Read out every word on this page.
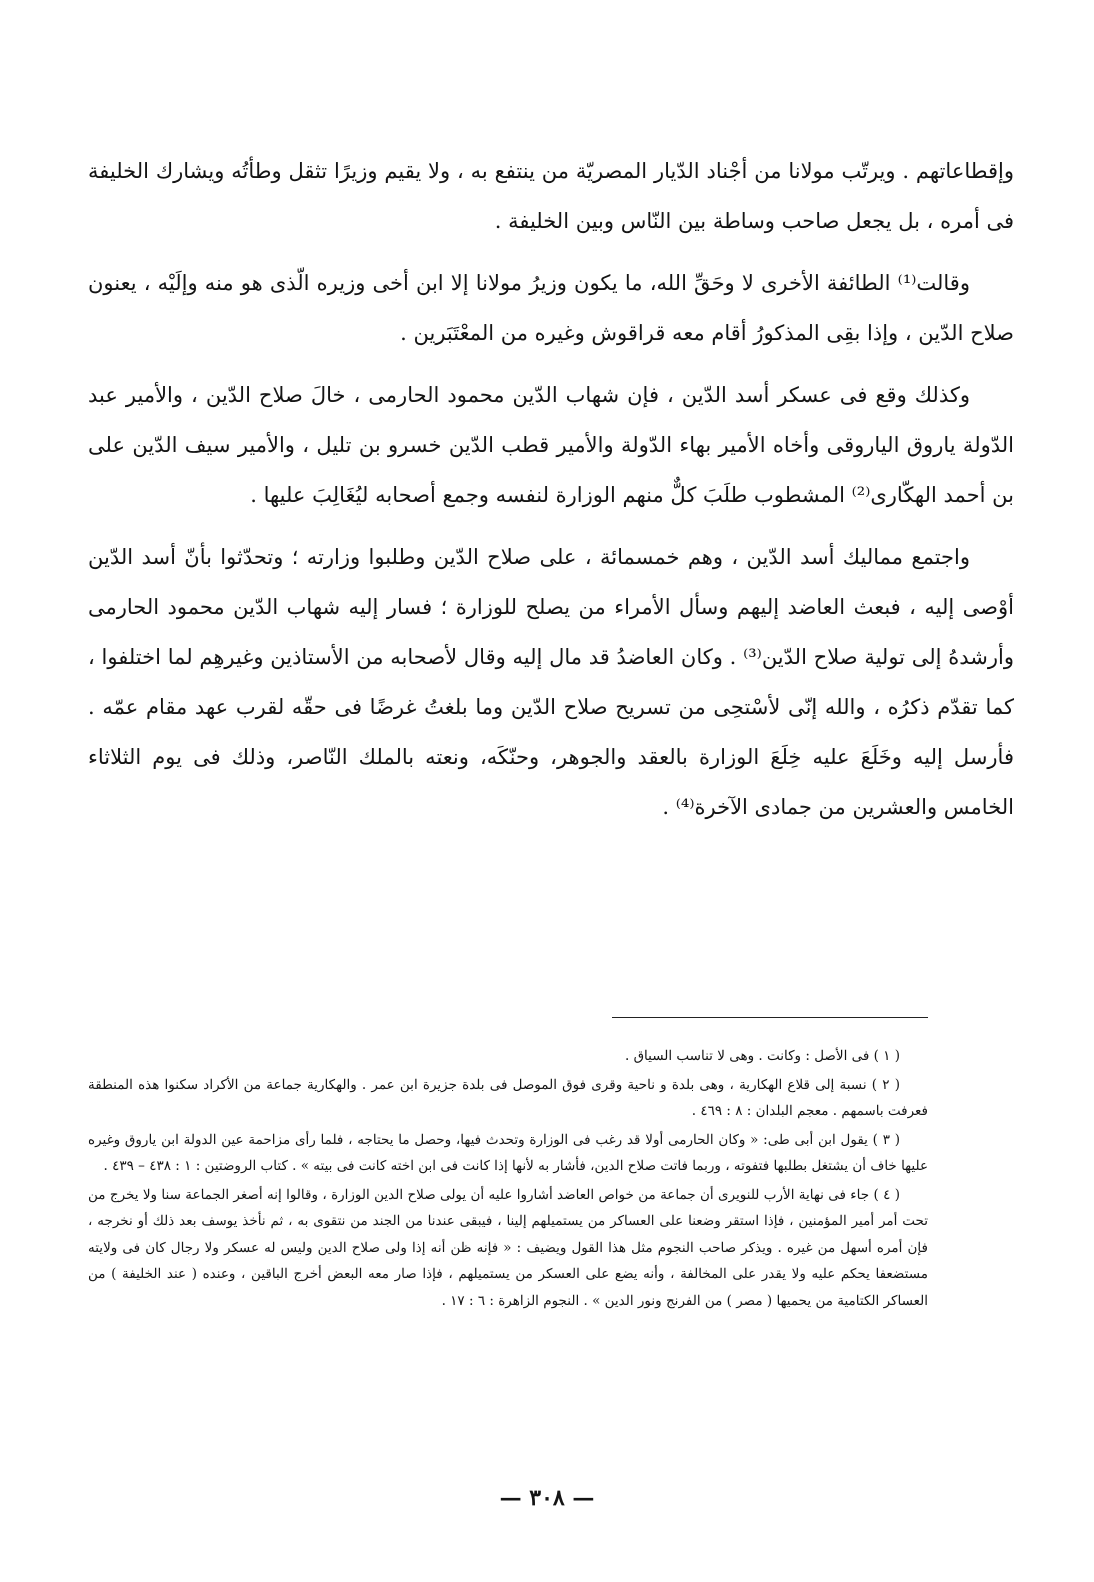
وإقطاعاتهم . ويرتّب مولانا من أجْناد الدّيار المصريّة من ينتفع به ، ولا يقيم وزيرًا تثقل وطأتُه ويشارك الخليفة فى أمره ، بل يجعل صاحب وساطة بين النّاس وبين الخليفة .

وقالت⁽¹⁾ الطائفة الأخرى لا وحَقِّ الله، ما يكون وزيرُ مولانا إلا ابن أخى وزيره الّذى هو منه وإلَيْه ، يعنون صلاح الدّين ، وإذا بقِى المذكورُ أقام معه قراقوش وغيره من المعْتَبَرين .

وكذلك وقع فى عسكر أسد الدّين ، فإن شهاب الدّين محمود الحارمى ، خالَ صلاح الدّين ، والأمير عبد الدّولة ياروق الياروقى وأخاه الأمير بهاء الدّولة والأمير قطب الدّين خسرو بن تليل ، والأمير سيف الدّين على بن أحمد الهكّارى⁽²⁾ المشطوب طلَبَ كلٌّ منهم الوزارة لنفسه وجمع أصحابه ليُغَالِبَ عليها .

واجتمع مماليك أسد الدّين ، وهم خمسمائة ، على صلاح الدّين وطلبوا وزارته ؛ وتحدّثوا بأنّ أسد الدّين أوْصى إليه ، فبعث العاضد إليهم وسأل الأمراء من يصلح للوزارة ؛ فسار إليه شهاب الدّين محمود الحارمى وأرشدهُ إلى تولية صلاح الدّين⁽³⁾ . وكان العاضدُ قد مال إليه وقال لأصحابه من الأستاذين وغيرهِم لما اختلفوا ، كما تقدّم ذكرُه ، والله إنّى لأسْتحِى من تسريح صلاح الدّين وما بلغتُ غرضًا فى حقّه لقرب عهد مقام عمّه . فأرسل إليه وخَلَعَ عليه خِلَعَ الوزارة بالعقد والجوهر، وحنّكَه، ونعته بالملك النّاصر، وذلك فى يوم الثلاثاء الخامس والعشرين من جمادى الآخرة⁽⁴⁾ .

( ١ ) فى الأصل : وكانت . وهى لا تناسب السياق .

( ٢ ) نسبة إلى قلاع الهكارية ، وهى بلدة و ناحية وقرى فوق الموصل فى بلدة جزيرة ابن عمر . والهكارية جماعة من الأكراد سكنوا هذه المنطقة فعرفت باسمهم . معجم البلدان : ٨ : ٤٦٩ .

( ٣ ) يقول ابن أبى طى: « وكان الحارمى أولا قد رغب فى الوزارة وتحدث فيها، وحصل ما يحتاجه ، فلما رأى مزاحمة عين الدولة ابن ياروق وغيره عليها خاف أن يشتغل بطلبها فتفوته ، وربما فاتت صلاح الدين، فأشار به لأنها إذا كانت فى ابن اخته كانت فى بيته » . كتاب الروضتين : ١ : ٤٣٨ – ٤٣٩ .

( ٤ ) جاء فى نهاية الأرب للنويرى أن جماعة من خواص العاضد أشاروا عليه أن يولى صلاح الدين الوزارة ، وقالوا إنه أصغر الجماعة سنا ولا يخرج من تحت أمر أمير المؤمنين ، فإذا استقر وضعنا على العساكر من يستميلهم إلينا ، فيبقى عندنا من الجند من نتقوى به ، ثم نأخذ يوسف بعد ذلك أو نخرجه ، فإن أمره أسهل من غيره . ويذكر صاحب النجوم مثل هذا القول ويضيف : « فإنه ظن أنه إذا ولى صلاح الدين وليس له عسكر ولا رجال كان فى ولايته مستضعفا يحكم عليه ولا يقدر على المخالفة ، وأنه يضع على العسكر من يستميلهم ، فإذا صار معه البعض أخرج الباقين ، وعنده ( عند الخليفة ) من العساكر الكتامية من يحميها ( مصر ) من الفرنج ونور الدين » . النجوم الزاهرة : ٦ : ١٧ .

— ٣٠٨ —
